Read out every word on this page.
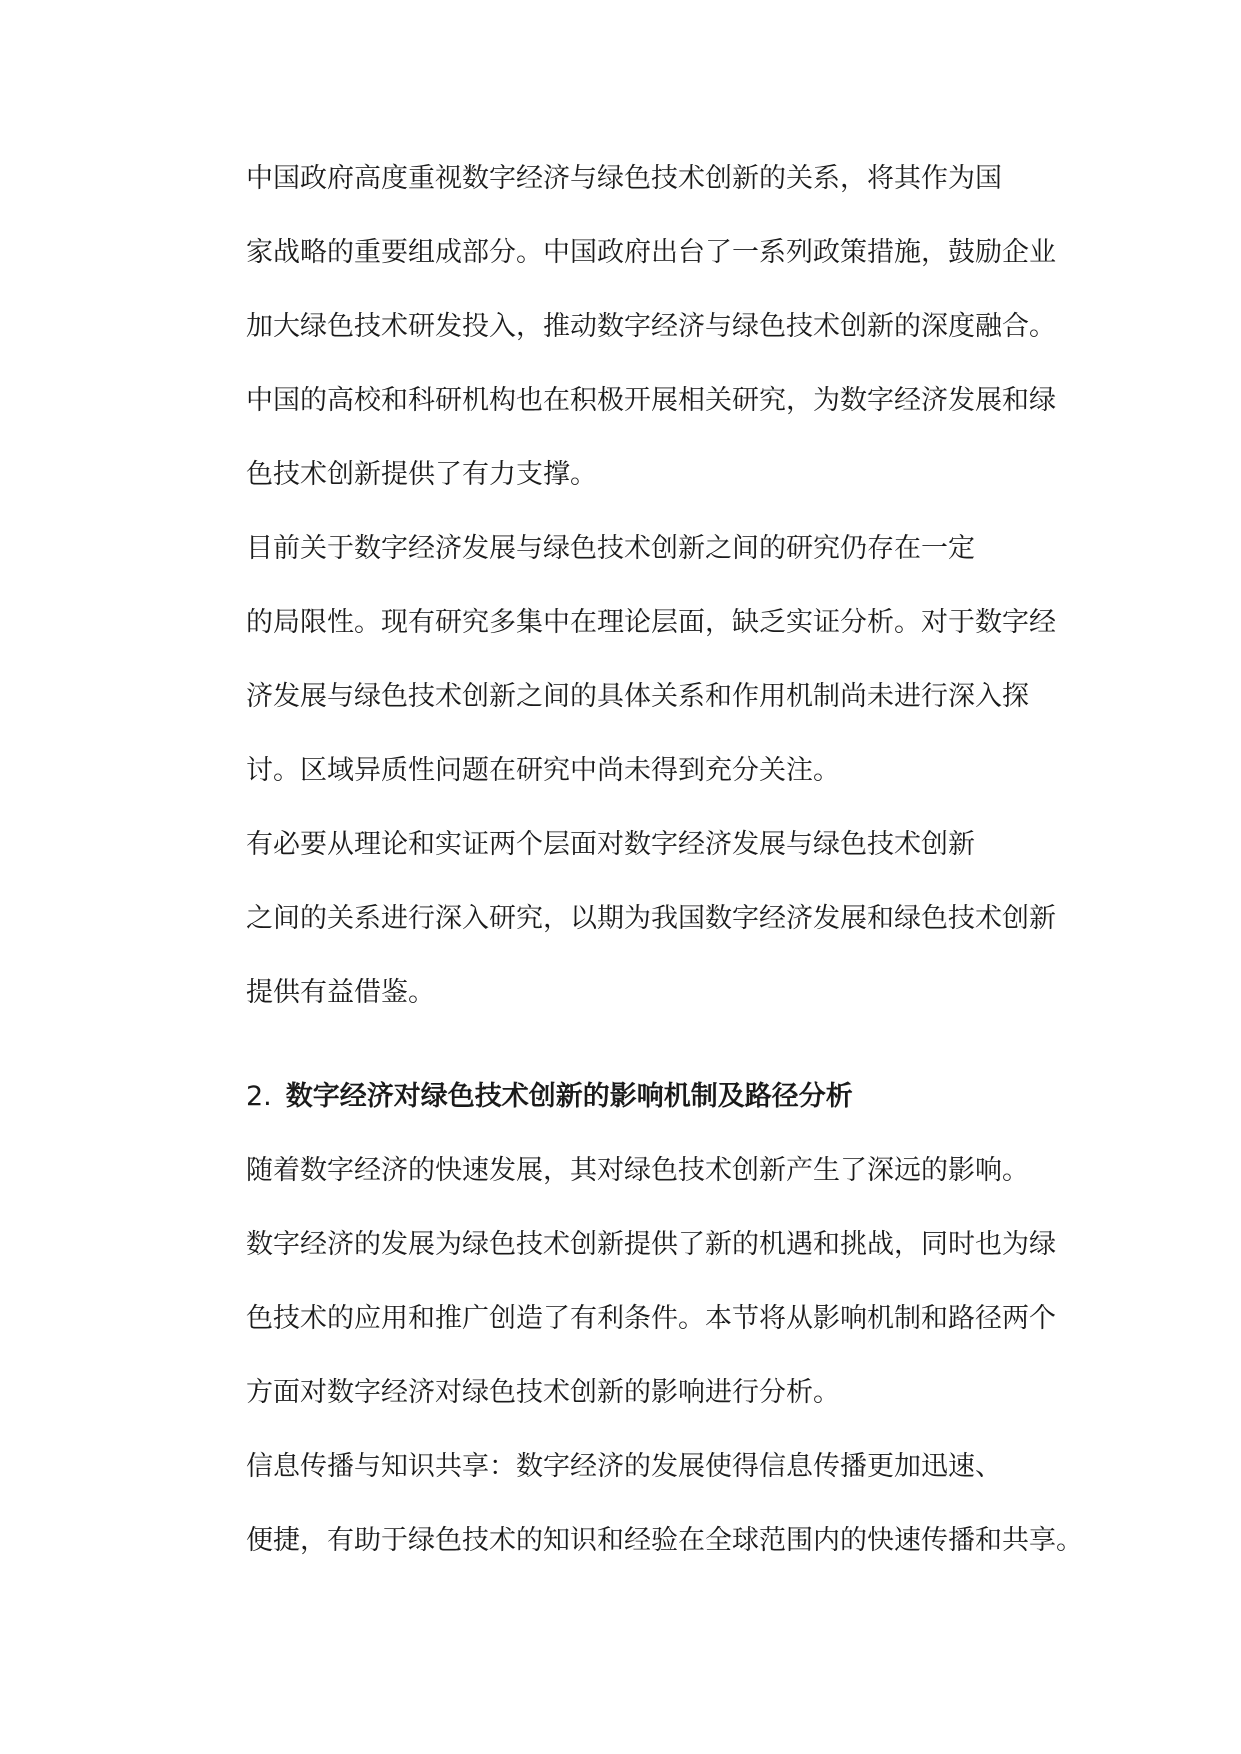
中国政府高度重视数字经济与绿色技术创新的关系，将其作为国
家战略的重要组成部分。中国政府出台了一系列政策措施，鼓励企业
加大绿色技术研发投入，推动数字经济与绿色技术创新的深度融合。
中国的高校和科研机构也在积极开展相关研究，为数字经济发展和绿
色技术创新提供了有力支撑。

目前关于数字经济发展与绿色技术创新之间的研究仍存在一定
的局限性。现有研究多集中在理论层面，缺乏实证分析。对于数字经
济发展与绿色技术创新之间的具体关系和作用机制尚未进行深入探
讨。区域异质性问题在研究中尚未得到充分关注。

有必要从理论和实证两个层面对数字经济发展与绿色技术创新
之间的关系进行深入研究，以期为我国数字经济发展和绿色技术创新
提供有益借鉴。

2. 数字经济对绿色技术创新的影响机制及路径分析

随着数字经济的快速发展，其对绿色技术创新产生了深远的影响。
数字经济的发展为绿色技术创新提供了新的机遇和挑战，同时也为绿
色技术的应用和推广创造了有利条件。本节将从影响机制和路径两个
方面对数字经济对绿色技术创新的影响进行分析。

信息传播与知识共享：数字经济的发展使得信息传播更加迅速、
便捷，有助于绿色技术的知识和经验在全球范围内的快速传播和共享。
